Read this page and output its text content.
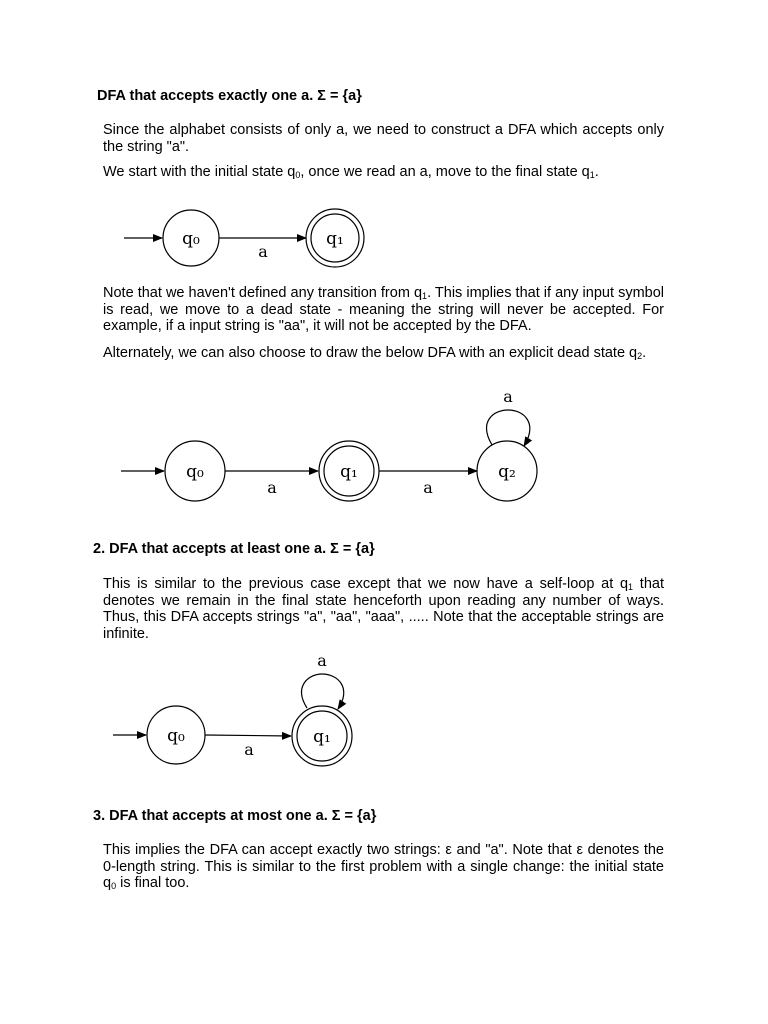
DFA that accepts exactly one a. Σ = {a}
Since the alphabet consists of only a, we need to construct a DFA which accepts only the string "a".
We start with the initial state $q_0$, once we read an a, move to the final state $q_1$.
q₀
a
q₁
Note that we haven't defined any transition from $q_1$. This implies that if any input symbol is read, we move to a dead state - meaning the string will never be accepted. For example, if a input string is "aa", it will not be accepted by the DFA.
Alternately, we can also choose to draw the below DFA with an explicit dead state $q_2$.
a
q₀
a
q₁
a
q₂
2. DFA that accepts at least one a. Σ = {a}
This is similar to the previous case except that we now have a self-loop at $q_1$ that denotes we remain in the final state henceforth upon reading any number of ways. Thus, this DFA accepts strings "a", "aa", "aaa", ..... Note that the acceptable strings are infinite.
a
q₀
a
q₁
3. DFA that accepts at most one a. Σ = {a}
This implies the DFA can accept exactly two strings: ε and "a". Note that ε denotes the 0-length string. This is similar to the first problem with a single change: the initial state $q_0$ is final too.
